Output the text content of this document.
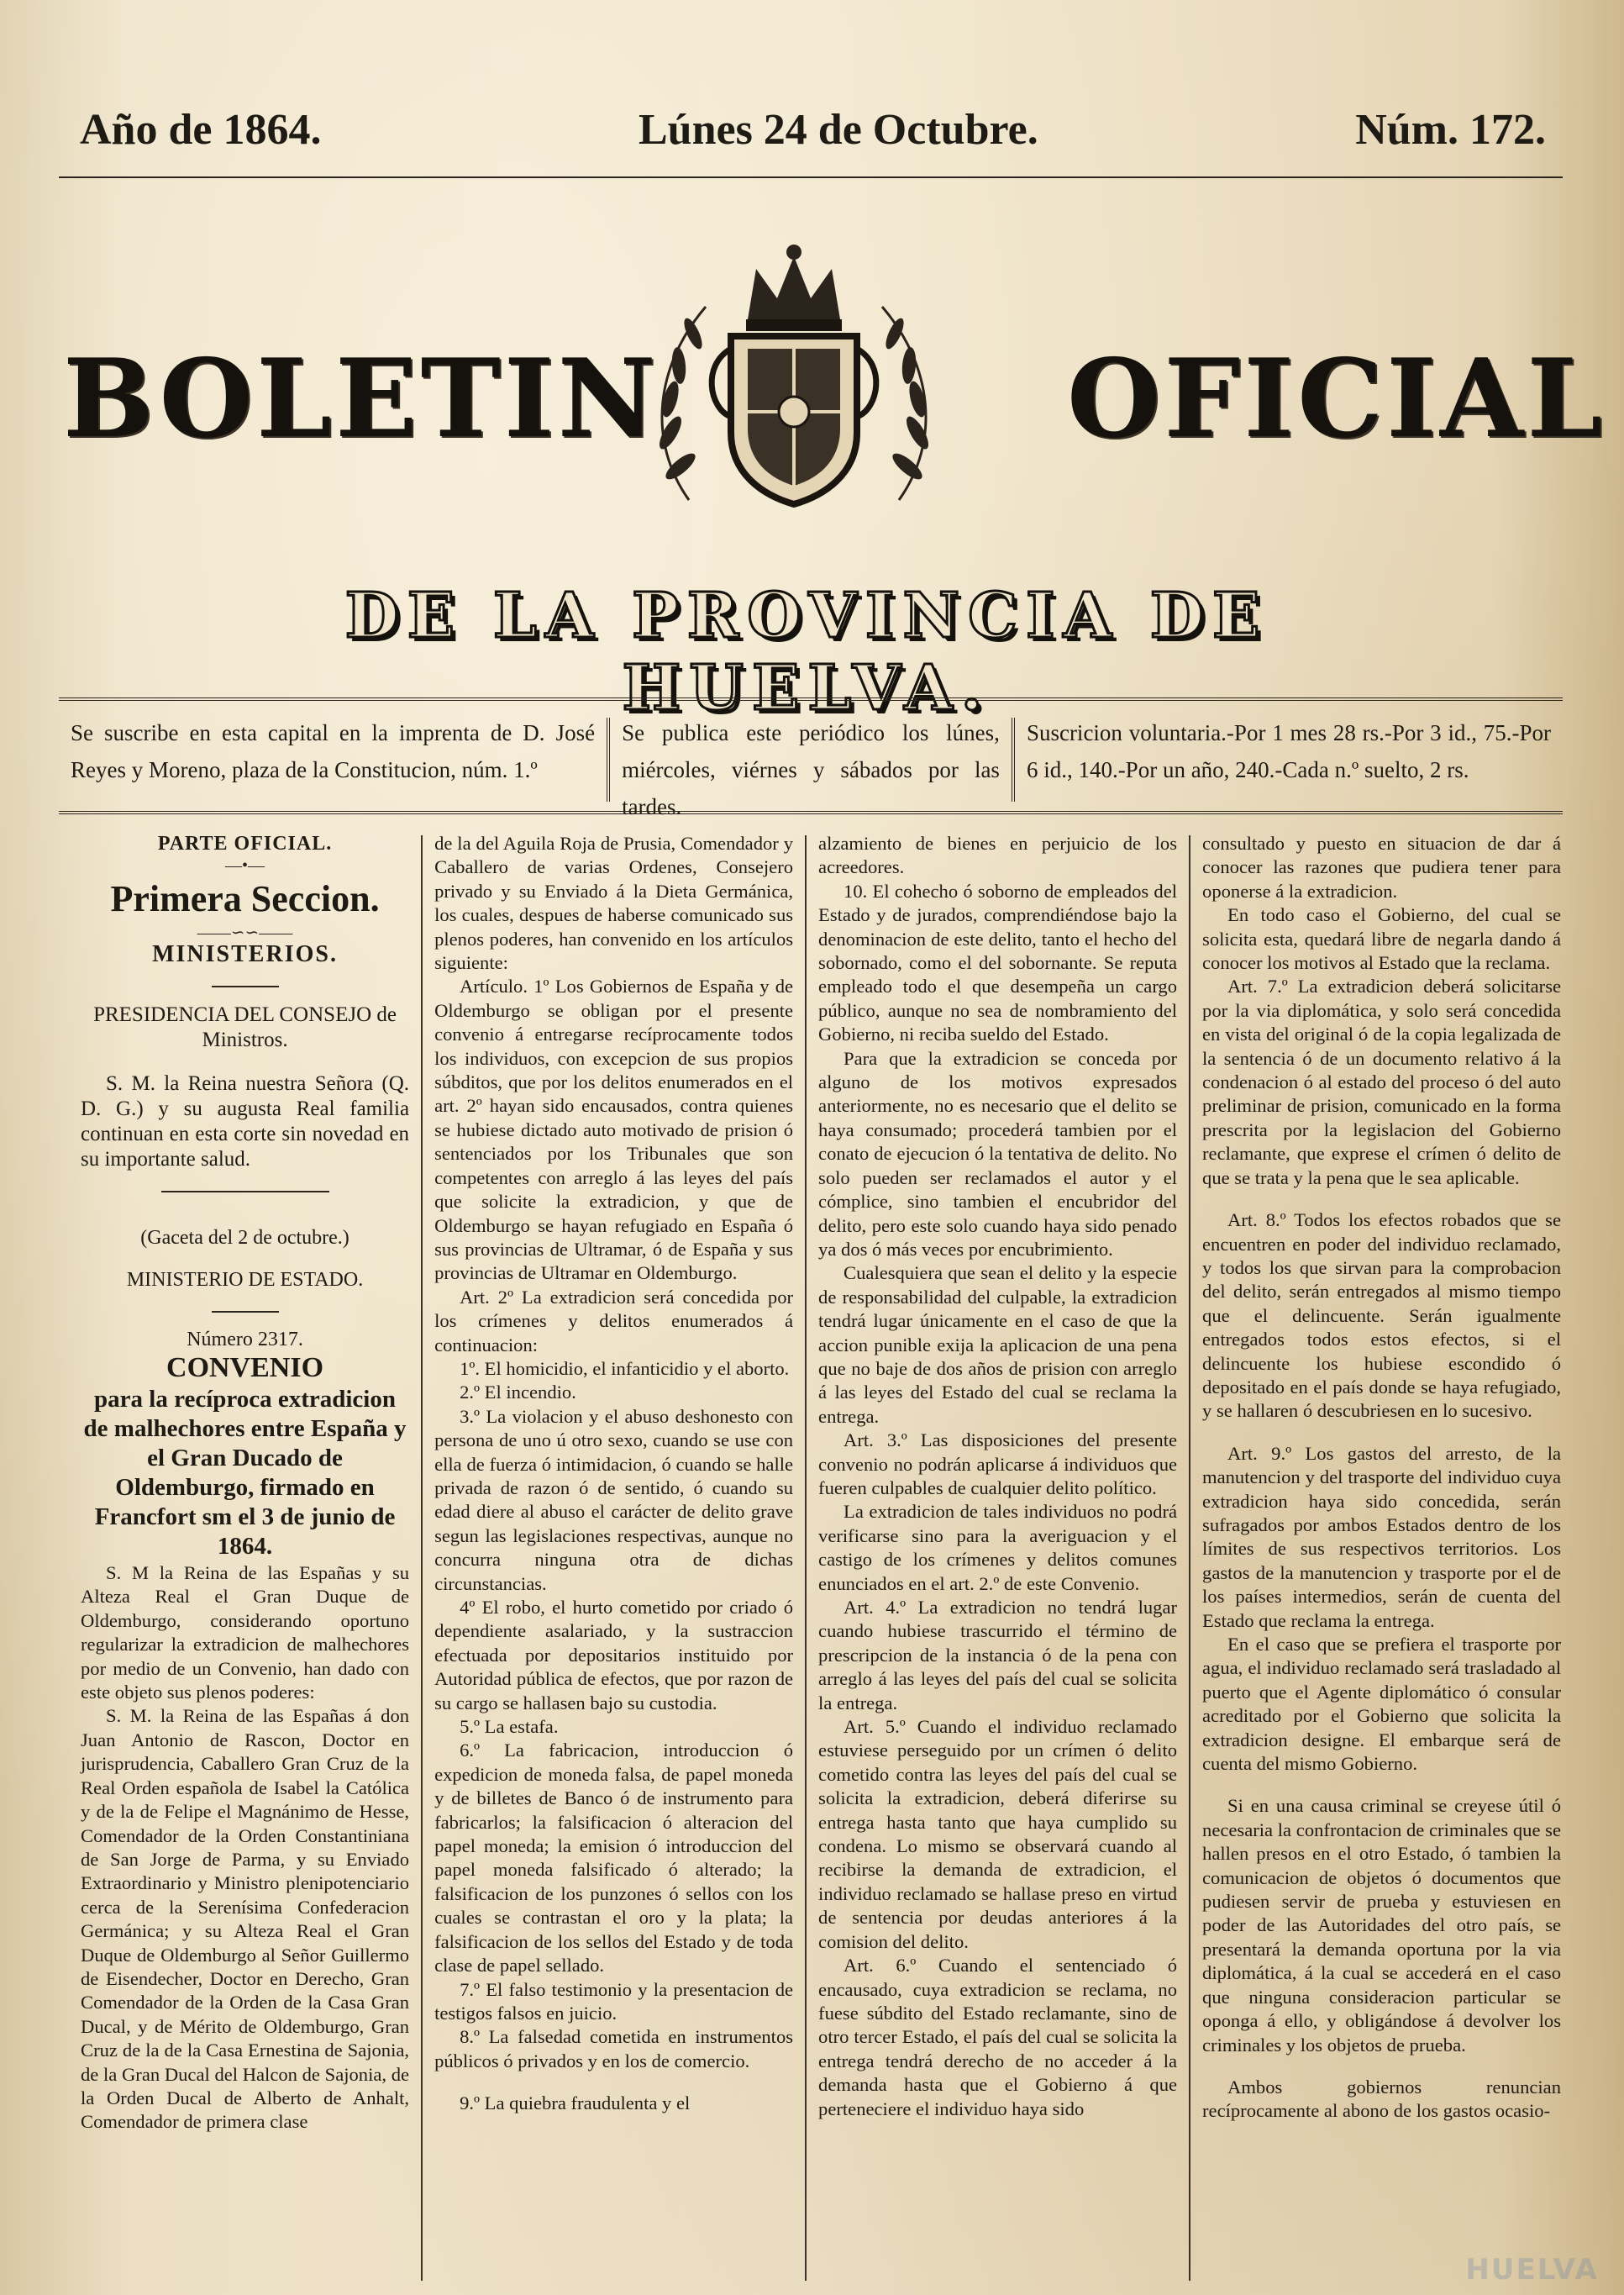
Año de 1864.	Lúnes 24 de Octubre.	Núm. 172.
BOLETIN	OFICIAL
DE LA PROVINCIA DE HUELVA.
Se suscribe en esta capital en la imprenta de D. José Reyes y Moreno, plaza de la Constitucion, núm. 1.º
Se publica este periódico los lúnes, miércoles, viérnes y sábados por las tardes.
Suscricion voluntaria.-Por 1 mes 28 rs.-Por 3 id., 75.-Por 6 id., 140.-Por un año, 240.-Cada n.º suelto, 2 rs.

PARTE OFICIAL.

—•—

Primera Seccion.

——∽∽——

MINISTERIOS.

PRESIDENCIA DEL CONSEJO de Ministros.

S. M. la Reina nuestra Señora (Q. D. G.) y su augusta Real familia continuan en esta corte sin novedad en su importante salud.

(Gaceta del 2 de octubre.)

MINISTERIO DE ESTADO.

Número 2317.

CONVENIO

para la recíproca extradicion de malhechores entre España y el Gran Ducado de Oldemburgo, firmado en Francfort sm el 3 de junio de 1864.

S. M la Reina de las Españas y su Alteza Real el Gran Duque de Oldemburgo, considerando oportuno regularizar la extradicion de malhechores por medio de un Convenio, han dado con este objeto sus plenos poderes:

S. M. la Reina de las Españas á don Juan Antonio de Rascon, Doctor en jurisprudencia, Caballero Gran Cruz de la Real Orden española de Isabel la Católica y de la de Felipe el Magnánimo de Hesse, Comendador de la Orden Constantiniana de San Jorge de Parma, y su Enviado Extraordinario y Ministro plenipotenciario cerca de la Serenísima Confederacion Germánica; y su Alteza Real el Gran Duque de Oldemburgo al Señor Guillermo de Eisendecher, Doctor en Derecho, Gran Comendador de la Orden de la Casa Gran Ducal, y de Mérito de Oldemburgo, Gran Cruz de la de la Casa Ernestina de Sajonia, de la Gran Ducal del Halcon de Sajonia, de la Orden Ducal de Alberto de Anhalt, Comendador de primera clase

de la del Aguila Roja de Prusia, Comendador y Caballero de varias Ordenes, Consejero privado y su Enviado á la Dieta Germánica, los cuales, despues de haberse comunicado sus plenos poderes, han convenido en los artículos siguiente:

Artículo. 1º Los Gobiernos de España y de Oldemburgo se obligan por el presente convenio á entregarse recíprocamente todos los individuos, con excepcion de sus propios súbditos, que por los delitos enumerados en el art. 2º hayan sido encausados, contra quienes se hubiese dictado auto motivado de prision ó sentenciados por los Tribunales que son competentes con arreglo á las leyes del país que solicite la extradicion, y que de Oldemburgo se hayan refugiado en España ó sus provincias de Ultramar, ó de España y sus provincias de Ultramar en Oldemburgo.

Art. 2º La extradicion será concedida por los crímenes y delitos enumerados á continuacion:

1º. El homicidio, el infanticidio y el aborto.

2.º El incendio.

3.º La violacion y el abuso deshonesto con persona de uno ú otro sexo, cuando se use con ella de fuerza ó intimidacion, ó cuando se halle privada de razon ó de sentido, ó cuando su edad diere al abuso el carácter de delito grave segun las legislaciones respectivas, aunque no concurra ninguna otra de dichas circunstancias.

4º El robo, el hurto cometido por criado ó dependiente asalariado, y la sustraccion efectuada por depositarios instituido por Autoridad pública de efectos, que por razon de su cargo se hallasen bajo su custodia.

5.º La estafa.

6.º La fabricacion, introduccion ó expedicion de moneda falsa, de papel moneda y de billetes de Banco ó de instrumento para fabricarlos; la falsificacion ó alteracion del papel moneda; la emision ó introduccion del papel moneda falsificado ó alterado; la falsificacion de los punzones ó sellos con los cuales se contrastan el oro y la plata; la falsificacion de los sellos del Estado y de toda clase de papel sellado.

7.º El falso testimonio y la presentacion de testigos falsos en juicio.

8.º La falsedad cometida en instrumentos públicos ó privados y en los de comercio.

9.º La quiebra fraudulenta y el

alzamiento de bienes en perjuicio de los acreedores.

10. El cohecho ó soborno de empleados del Estado y de jurados, comprendiéndose bajo la denominacion de este delito, tanto el hecho del sobornado, como el del sobornante. Se reputa empleado todo el que desempeña un cargo público, aunque no sea de nombramiento del Gobierno, ni reciba sueldo del Estado.

Para que la extradicion se conceda por alguno de los motivos expresados anteriormente, no es necesario que el delito se haya consumado; procederá tambien por el conato de ejecucion ó la tentativa de delito. No solo pueden ser reclamados el autor y el cómplice, sino tambien el encubridor del delito, pero este solo cuando haya sido penado ya dos ó más veces por encubrimiento.

Cualesquiera que sean el delito y la especie de responsabilidad del culpable, la extradicion tendrá lugar únicamente en el caso de que la accion punible exija la aplicacion de una pena que no baje de dos años de prision con arreglo á las leyes del Estado del cual se reclama la entrega.

Art. 3.º Las disposiciones del presente convenio no podrán aplicarse á individuos que fueren culpables de cualquier delito político.

La extradicion de tales individuos no podrá verificarse sino para la averiguacion y el castigo de los crímenes y delitos comunes enunciados en el art. 2.º de este Convenio.

Art. 4.º La extradicion no tendrá lugar cuando hubiese trascurrido el término de prescripcion de la instancia ó de la pena con arreglo á las leyes del país del cual se solicita la entrega.

Art. 5.º Cuando el individuo reclamado estuviese perseguido por un crímen ó delito cometido contra las leyes del país del cual se solicita la extradicion, deberá diferirse su entrega hasta tanto que haya cumplido su condena. Lo mismo se observará cuando al recibirse la demanda de extradicion, el individuo reclamado se hallase preso en virtud de sentencia por deudas anteriores á la comision del delito.

Art. 6.º Cuando el sentenciado ó encausado, cuya extradicion se reclama, no fuese súbdito del Estado reclamante, sino de otro tercer Estado, el país del cual se solicita la entrega tendrá derecho de no acceder á la demanda hasta que el Gobierno á que perteneciere el individuo haya sido

consultado y puesto en situacion de dar á conocer las razones que pudiera tener para oponerse á la extradicion.

En todo caso el Gobierno, del cual se solicita esta, quedará libre de negarla dando á conocer los motivos al Estado que la reclama.

Art. 7.º La extradicion deberá solicitarse por la via diplomática, y solo será concedida en vista del original ó de la copia legalizada de la sentencia ó de un documento relativo á la condenacion ó al estado del proceso ó del auto preliminar de prision, comunicado en la forma prescrita por la legislacion del Gobierno reclamante, que exprese el crímen ó delito de que se trata y la pena que le sea aplicable.

Art. 8.º Todos los efectos robados que se encuentren en poder del individuo reclamado, y todos los que sirvan para la comprobacion del delito, serán entregados al mismo tiempo que el delincuente. Serán igualmente entregados todos estos efectos, si el delincuente los hubiese escondido ó depositado en el país donde se haya refugiado, y se hallaren ó descubriesen en lo sucesivo.

Art. 9.º Los gastos del arresto, de la manutencion y del trasporte del individuo cuya extradicion haya sido concedida, serán sufragados por ambos Estados dentro de los límites de sus respectivos territorios. Los gastos de la manutencion y trasporte por el de los países intermedios, serán de cuenta del Estado que reclama la entrega.

En el caso que se prefiera el trasporte por agua, el individuo reclamado será trasladado al puerto que el Agente diplomático ó consular acreditado por el Gobierno que solicita la extradicion designe. El embarque será de cuenta del mismo Gobierno.

Si en una causa criminal se creyese útil ó necesaria la confrontacion de criminales que se hallen presos en el otro Estado, ó tambien la comunicacion de objetos ó documentos que pudiesen servir de prueba y estuviesen en poder de las Autoridades del otro país, se presentará la demanda oportuna por la via diplomática, á la cual se accederá en el caso que ninguna consideracion particular se oponga á ello, y obligándose á devolver los criminales y los objetos de prueba.

Ambos gobiernos renuncian recíprocamente al abono de los gastos ocasio-

HUELVA
